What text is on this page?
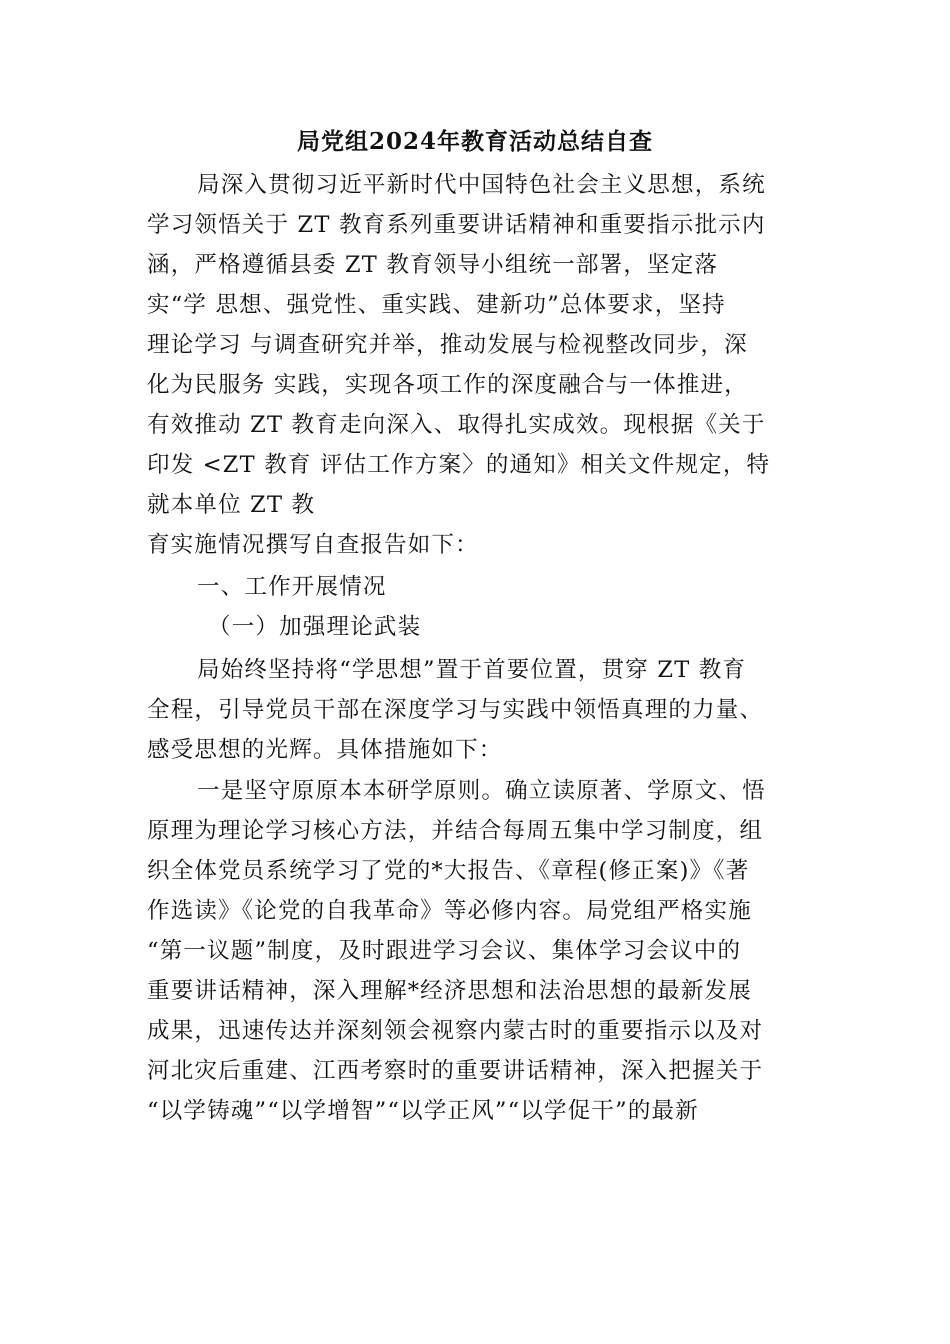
局党组2024年教育活动总结自查
局深入贯彻习近平新时代中国特色社会主义思想，系统
学习领悟关于 ZT 教育系列重要讲话精神和重要指示批示内
涵，严格遵循县委 ZT 教育领导小组统一部署，坚定落
实“学 思想、强党性、重实践、建新功”总体要求，坚持
理论学习 与调查研究并举，推动发展与检视整改同步，深
化为民服务 实践，实现各项工作的深度融合与一体推进，
有效推动 ZT 教育走向深入、取得扎实成效。现根据《关于
印发 <ZT 教育 评估工作方案〉的通知》相关文件规定，特
就本单位 ZT 教
育实施情况撰写自查报告如下：
一、工作开展情况
（一）加强理论武装
局始终坚持将“学思想”置于首要位置，贯穿 ZT 教育
全程，引导党员干部在深度学习与实践中领悟真理的力量、
感受思想的光辉。具体措施如下：
一是坚守原原本本研学原则。确立读原著、学原文、悟
原理为理论学习核心方法，并结合每周五集中学习制度，组
织全体党员系统学习了党的*大报告、《章程(修正案)》《著
作选读》《论党的自我革命》等必修内容。局党组严格实施
“第一议题”制度，及时跟进学习会议、集体学习会议中的
重要讲话精神，深入理解*经济思想和法治思想的最新发展
成果，迅速传达并深刻领会视察内蒙古时的重要指示以及对
河北灾后重建、江西考察时的重要讲话精神，深入把握关于
“以学铸魂”“以学增智”“以学正风”“以学促干”的最新
